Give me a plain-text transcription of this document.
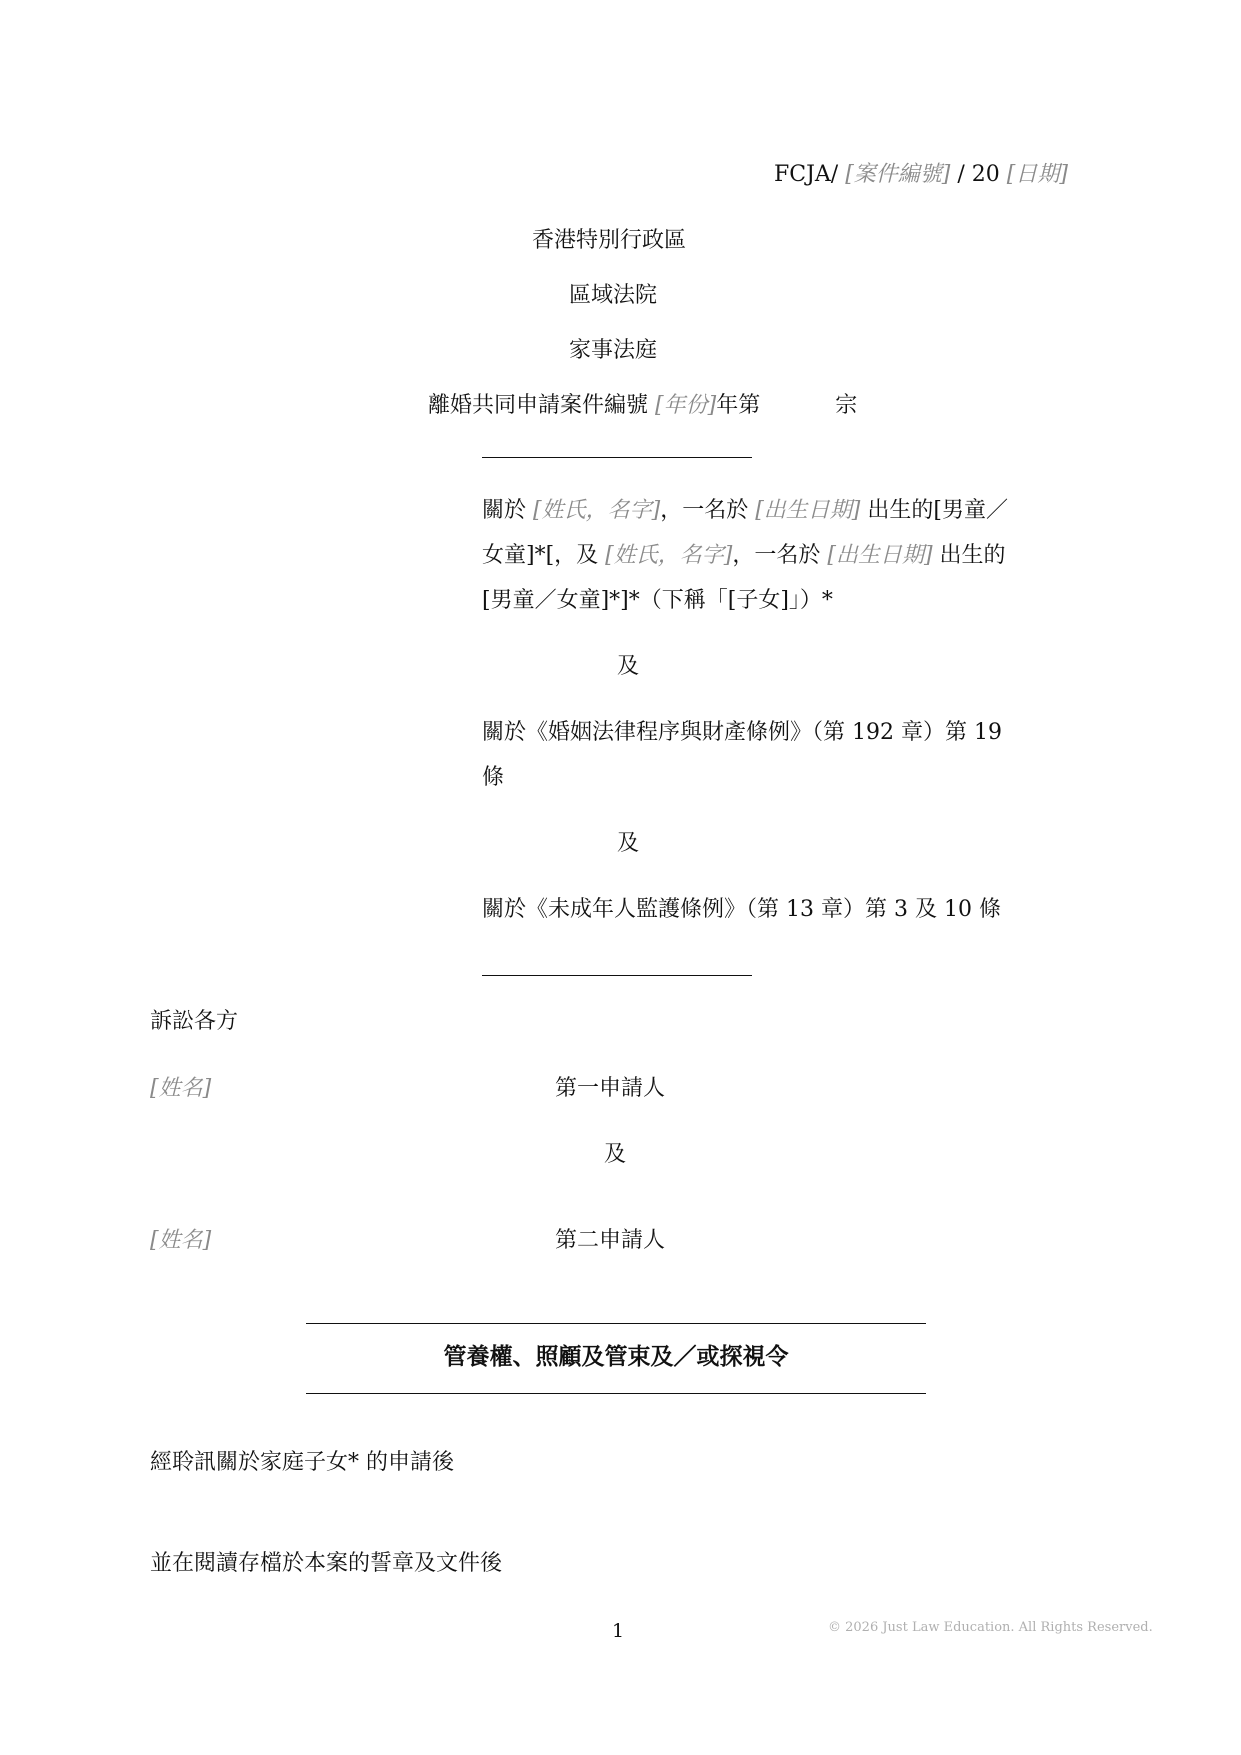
FCJA/ [案件編號] / 20 [日期]
香港特別行政區
區域法院
家事法庭
離婚共同申請案件編號 [年份]年第	宗
關於 [姓氏，名字]，一名於 [出生日期] 出生的[男童／
女童]*[，及 [姓氏，名字]，一名於 [出生日期] 出生的
[男童／女童]*]*（下稱「[子女]」）*
及
關於《婚姻法律程序與財產條例》（第 192 章）第 19
條
及
關於《未成年人監護條例》（第 13 章）第 3 及 10 條
訴訟各方
[姓名]	第一申請人
及
[姓名]	第二申請人
管養權、照顧及管束及／或探視令
經聆訊關於家庭子女* 的申請後
並在閱讀存檔於本案的誓章及文件後
1	© 2026 Just Law Education. All Rights Reserved.
